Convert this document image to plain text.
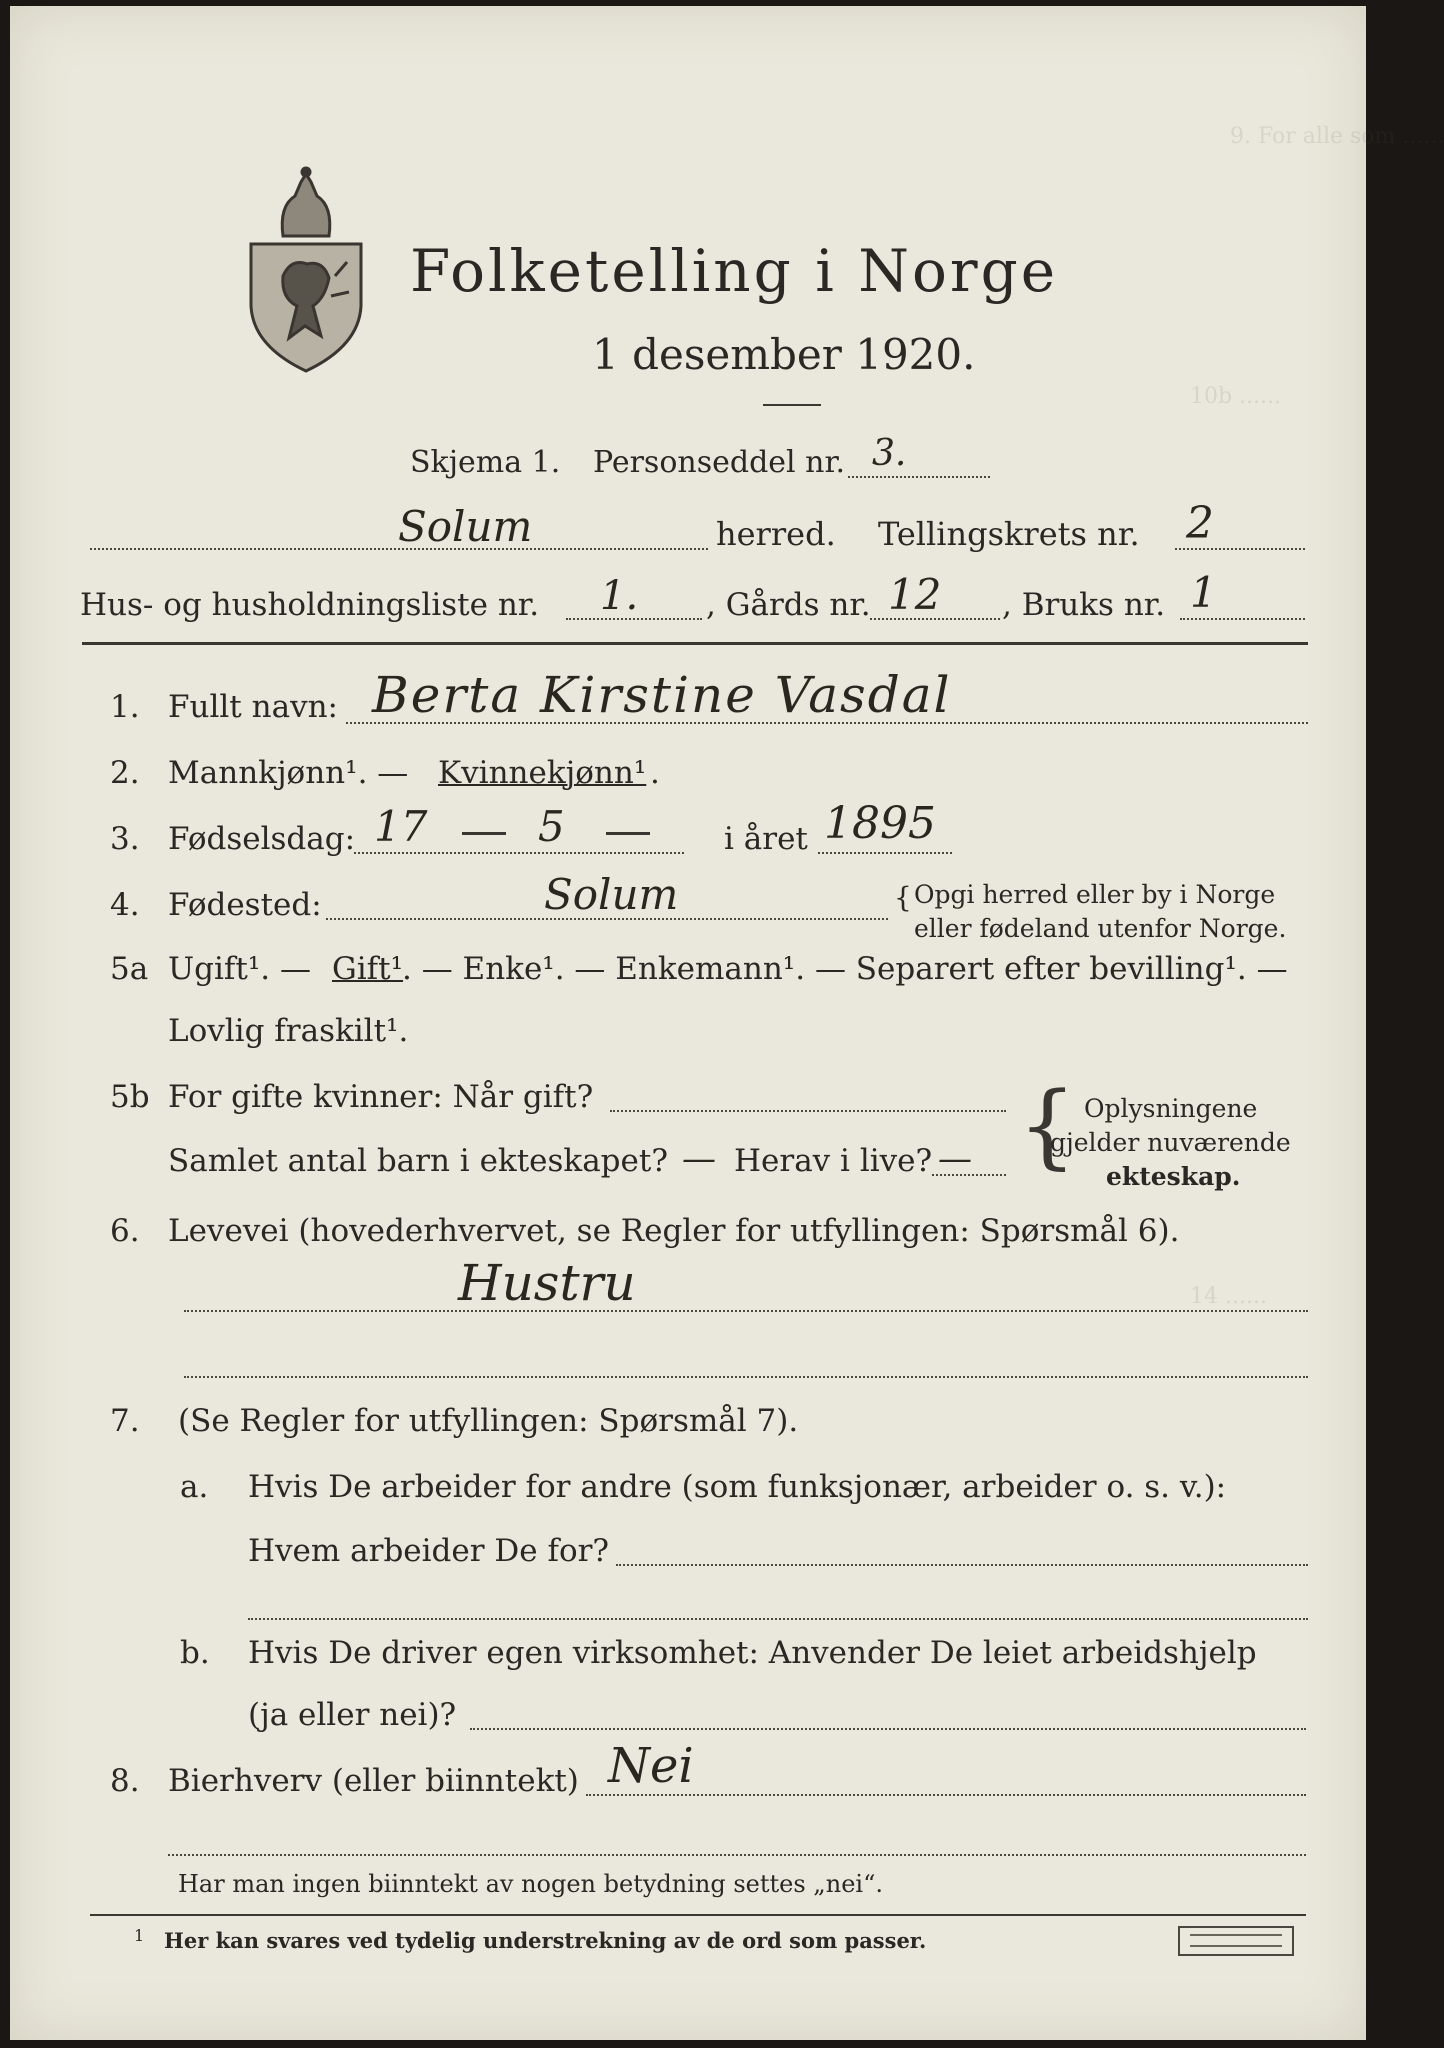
9. For alle som ......
10b ......
14 ......
Folketelling i Norge
1 desember 1920.
Skjema 1. Personseddel nr. 3.
Solum	herred. Tellingskrets nr. 2
Hus- og husholdningsliste nr. 1. , Gårds nr. 12 , Bruks nr. 1
1. Fullt navn: Berta Kirstine Vasdal
2. Mannkjønn¹. — Kvinnekjønn¹ .
3. Fødselsdag: 17	5	i året 1895
4. Fødested:	Solum	{ Opgi herred eller by i Norge
eller fødeland utenfor Norge.
5a Ugift¹. — Gift¹
. — Enke¹. — Enkemann¹. — Separert efter bevilling¹. —
Lovlig fraskilt¹.
5b For gifte kvinner: Når gift?
Samlet antal barn i ekteskapet? — Herav i live? — { Oplysningene
gjelder nuværende
ekteskap.
6. Levevei (hovederhvervet, se Regler for utfyllingen: Spørsmål 6).
Hustru
7. (Se Regler for utfyllingen: Spørsmål 7).
a. Hvis De arbeider for andre (som funksjonær, arbeider o. s. v.):
Hvem arbeider De for?
b. Hvis De driver egen virksomhet: Anvender De leiet arbeidshjelp
(ja eller nei)?
8. Bierhverv (eller biinntekt) Nei
Har man ingen biinntekt av nogen betydning settes „nei“.
1 Her kan svares ved tydelig understrekning av de ord som passer.
